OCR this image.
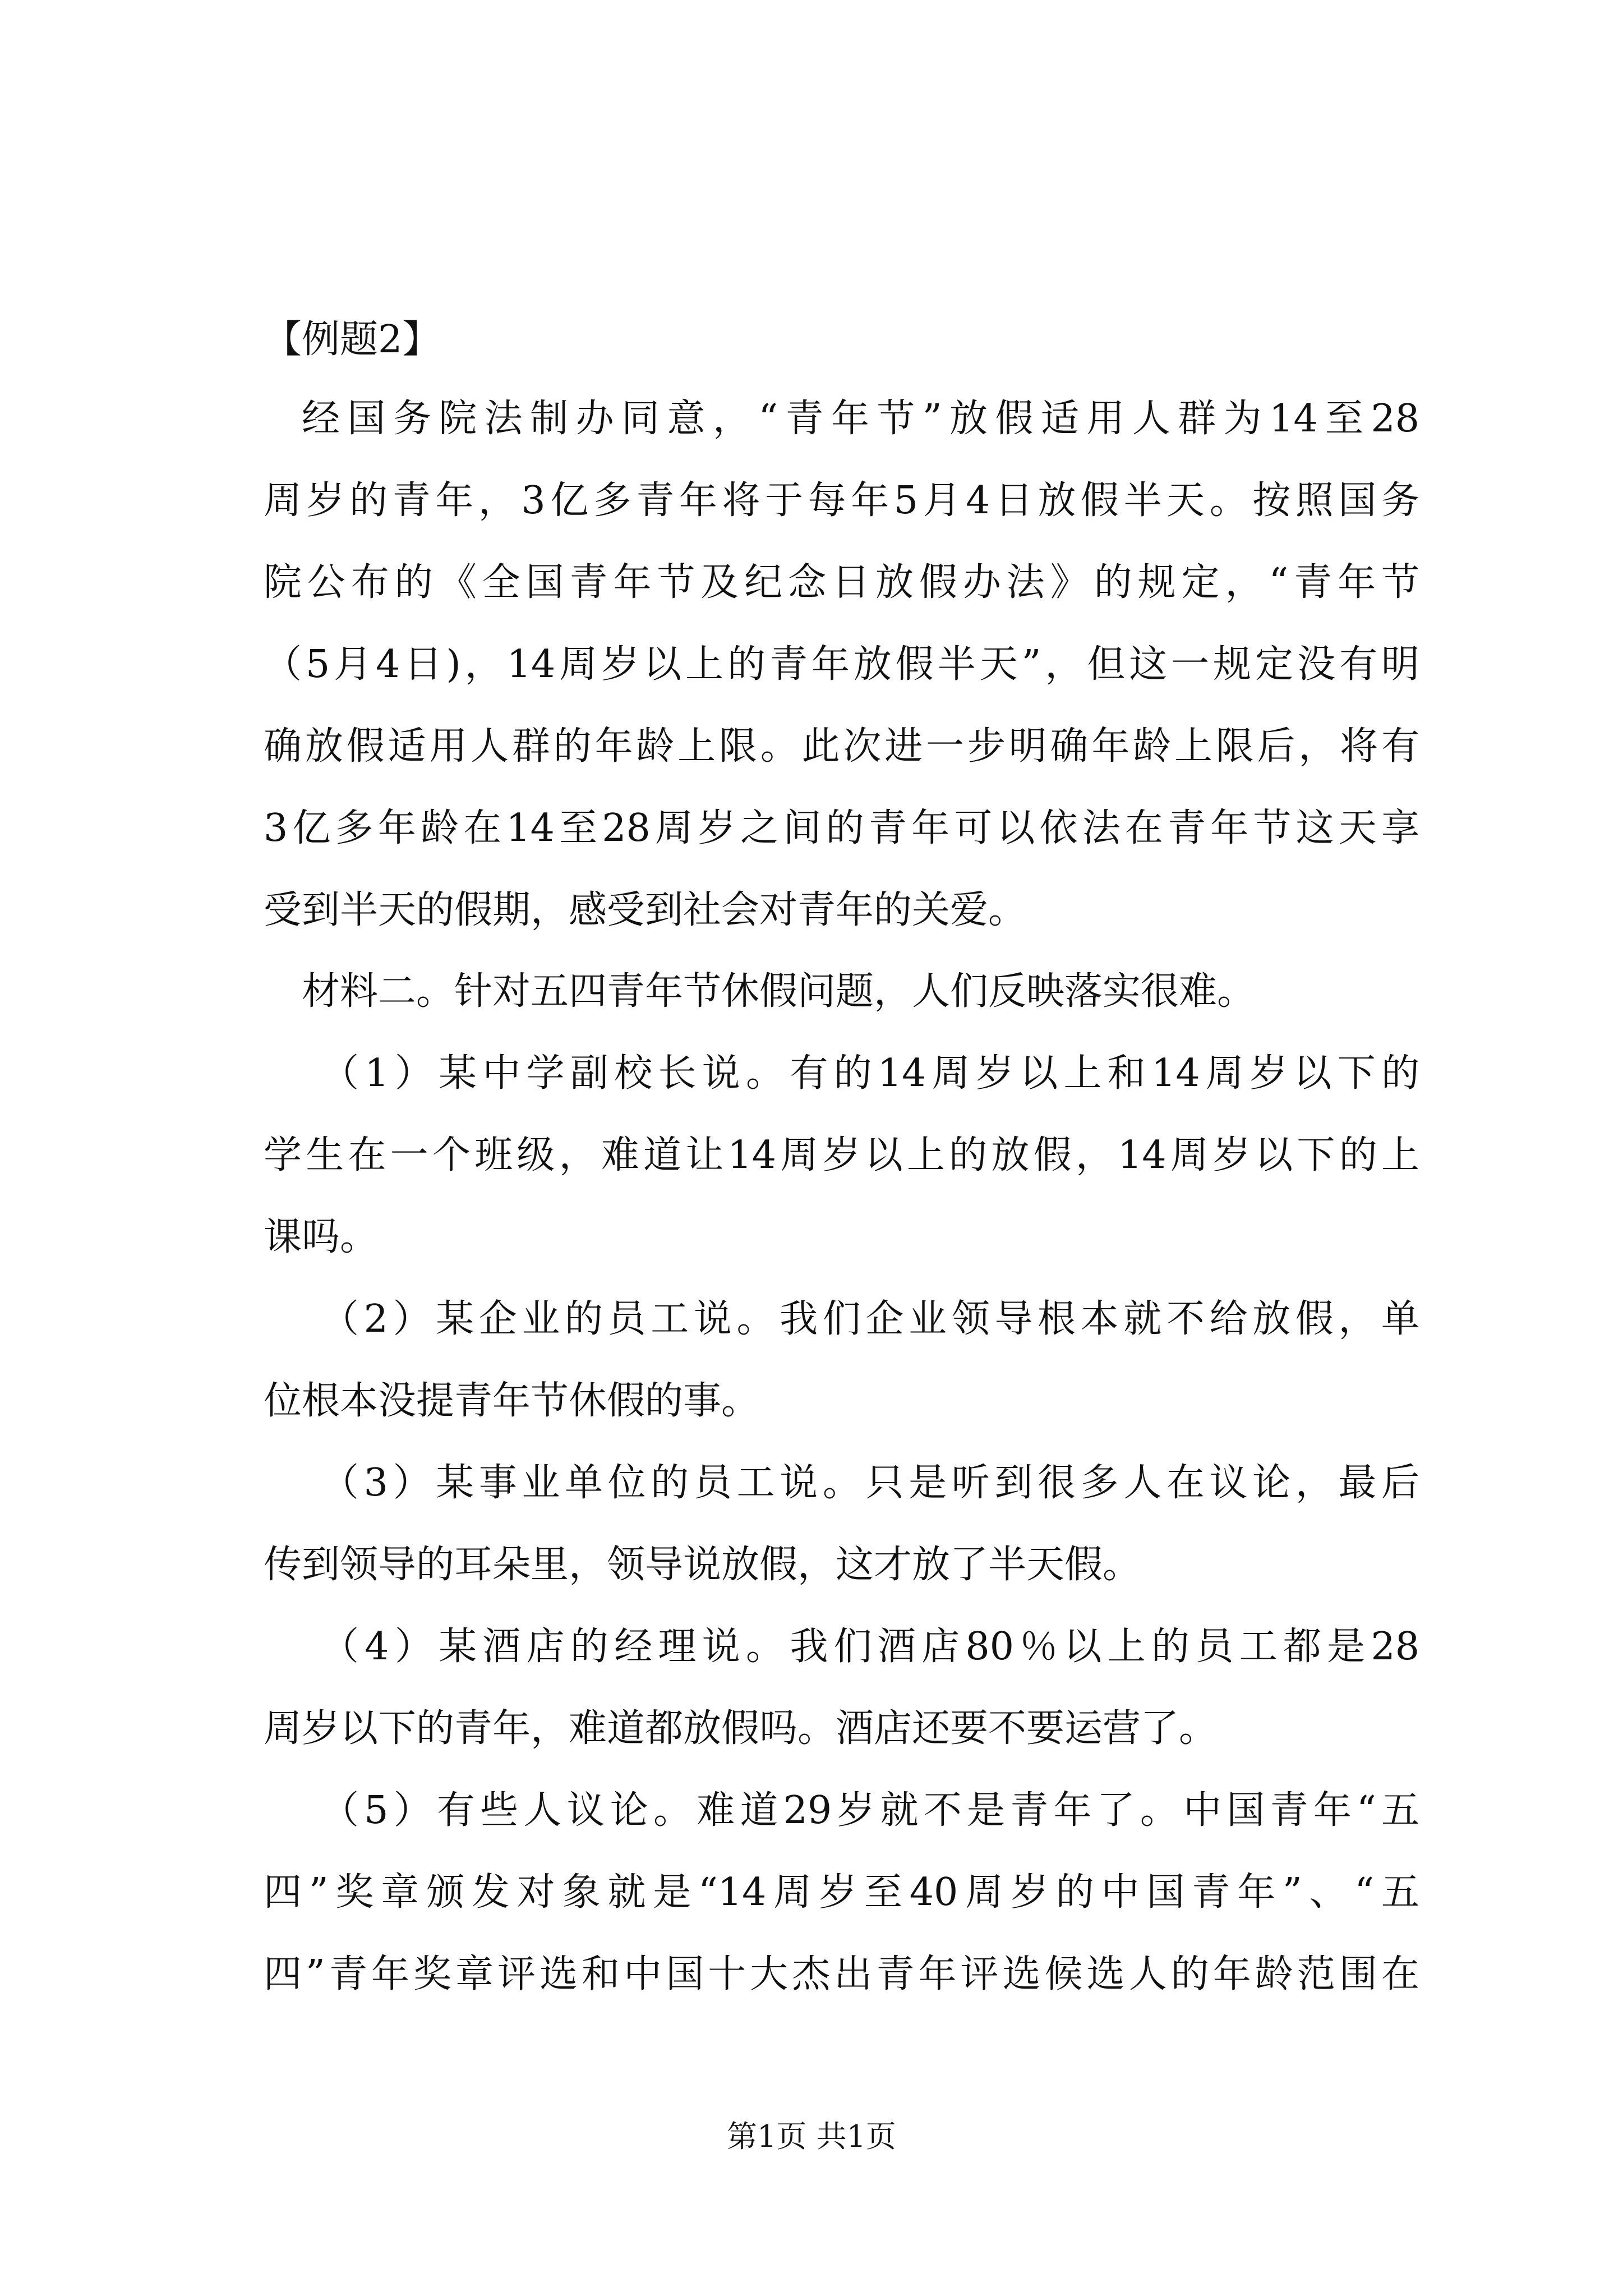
【例题2】

经国务院法制办同意，“青年节”放假适用人群为14至28

周岁的青年，3亿多青年将于每年5月4日放假半天。按照国务

院公布的《全国青年节及纪念日放假办法》的规定，“青年节

（5月4日)，14周岁以上的青年放假半天”，但这一规定没有明

确放假适用人群的年龄上限。此次进一步明确年龄上限后，将有

3亿多年龄在14至28周岁之间的青年可以依法在青年节这天享

受到半天的假期，感受到社会对青年的关爱。

材料二。针对五四青年节休假问题，人们反映落实很难。

（1）某中学副校长说。有的14周岁以上和14周岁以下的

学生在一个班级，难道让14周岁以上的放假，14周岁以下的上

课吗。

（2）某企业的员工说。我们企业领导根本就不给放假，单

位根本没提青年节休假的事。

（3）某事业单位的员工说。只是听到很多人在议论，最后

传到领导的耳朵里，领导说放假，这才放了半天假。

（4）某酒店的经理说。我们酒店80％以上的员工都是28

周岁以下的青年，难道都放假吗。酒店还要不要运营了。

（5）有些人议论。难道29岁就不是青年了。中国青年“五

四”奖章颁发对象就是“14周岁至40周岁的中国青年”、“五

四”青年奖章评选和中国十大杰出青年评选候选人的年龄范围在

第1页 共1页
